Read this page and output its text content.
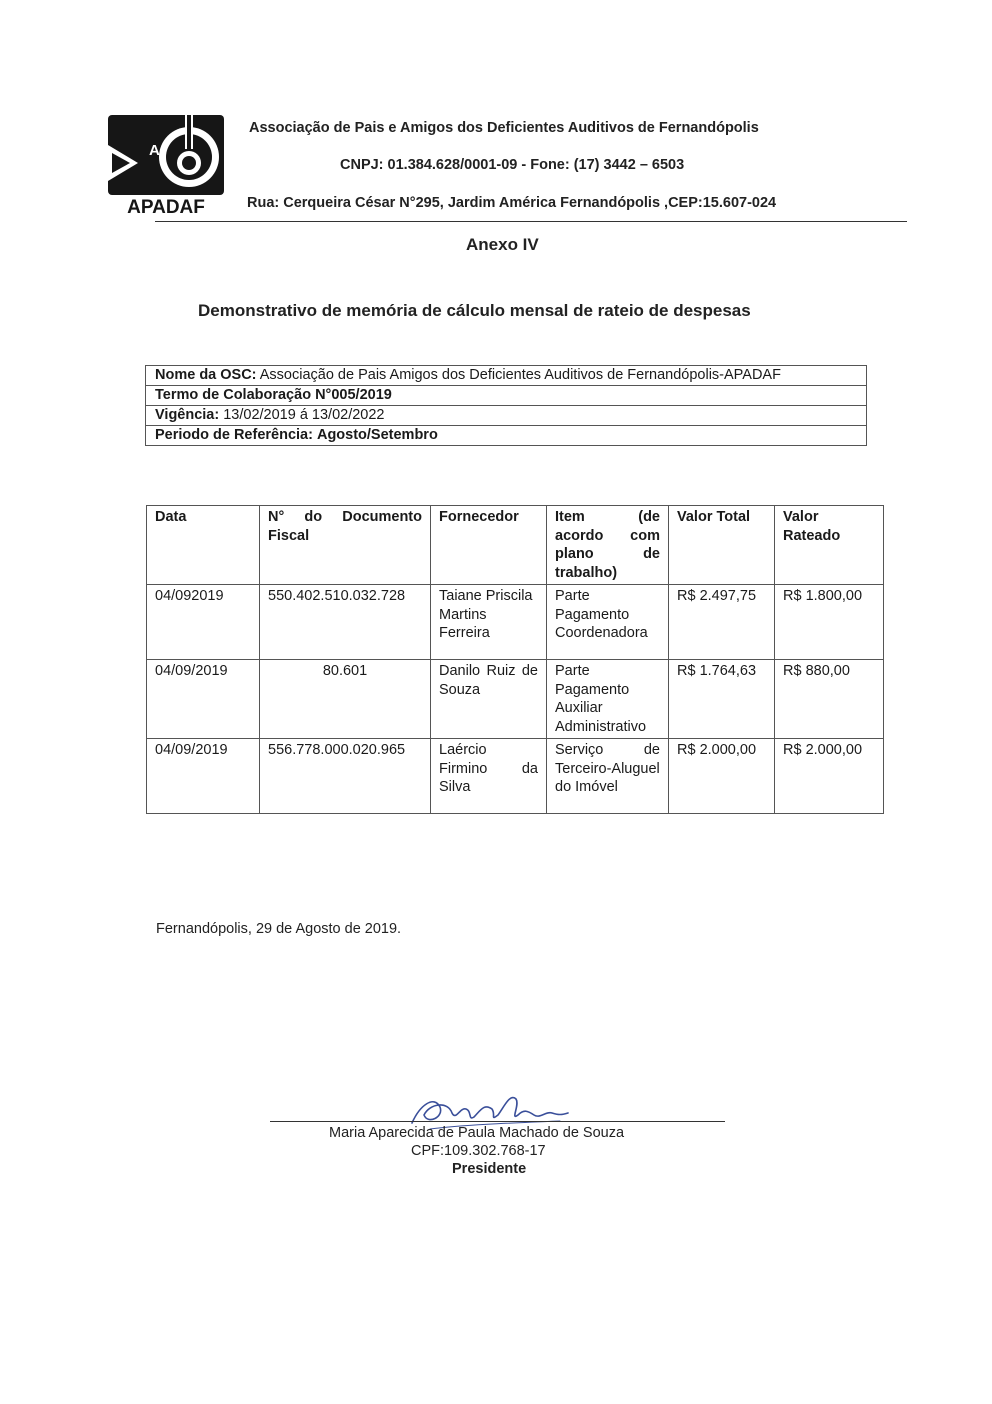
A
APADAF
Associação de Pais e Amigos dos Deficientes Auditivos de Fernandópolis
CNPJ: 01.384.628/0001-09 - Fone: (17) 3442 – 6503
Rua: Cerqueira César N°295, Jardim América Fernandópolis ,CEP:15.607-024
Anexo IV
Demonstrativo de memória de cálculo mensal de rateio de despesas
Nome da OSC: Associação de Pais Amigos dos Deficientes Auditivos de Fernandópolis-APADAF
Termo de Colaboração N°005/2019
Vigência: 13/02/2019 á 13/02/2022
Periodo de Referência: Agosto/Setembro
Data	N° do Documento Fiscal	Fornecedor	Item (de acordo com plano de trabalho)	Valor Total	Valor Rateado
04/092019	550.402.510.032.728	Taiane Priscila Martins Ferreira	Parte Pagamento Coordenadora	R$ 2.497,75	R$ 1.800,00
04/09/2019	80.601	Danilo Ruiz de Souza	Parte Pagamento Auxiliar Administrativo	R$ 1.764,63	R$ 880,00
04/09/2019	556.778.000.020.965	Laércio Firmino da Silva	Serviço de Terceiro-Aluguel do Imóvel	R$ 2.000,00	R$ 2.000,00
Fernandópolis, 29 de Agosto de 2019.
Maria Aparecida de Paula Machado de Souza
CPF:109.302.768-17
Presidente
